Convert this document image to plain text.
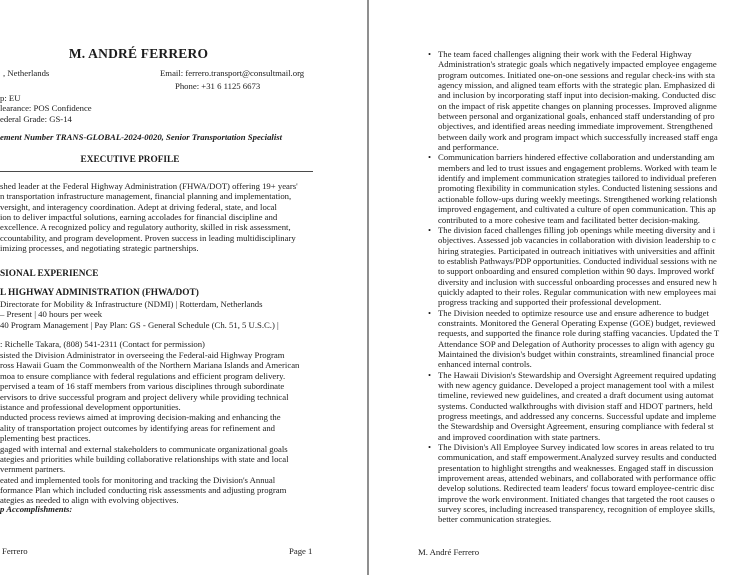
M. ANDRÉ FERRERO
, Netherlands	Email: ferrero.transport@consultmail.org
Phone: +31 6 1125 6673
p: EU
learance: POS Confidence
ederal Grade: GS-14
ement Number TRANS-GLOBAL-2024-0020, Senior Transportation Specialist
EXECUTIVE PROFILE
shed leader at the Federal Highway Administration (FHWA/DOT) offering 19+ years'
n transportation infrastructure management, financial planning and implementation,
versight, and interagency coordination. Adept at driving federal, state, and local
ion to deliver impactful solutions, earning accolades for financial discipline and
excellence. A recognized policy and regulatory authority, skilled in risk assessment,
ccountability, and program development. Proven success in leading multidisciplinary
imizing processes, and negotiating strategic partnerships.
SIONAL EXPERIENCE
L HIGHWAY ADMINISTRATION (FHWA/DOT)
Directorate for Mobility & Infrastructure (NDMI) | Rotterdam, Netherlands
– Present | 40 hours per week
40 Program Management | Pay Plan: GS - General Schedule (Ch. 51, 5 U.S.C.) |
: Richelle Takara, (808) 541-2311 (Contact for permission)
sisted the Division Administrator in overseeing the Federal-aid Highway Program
ross Hawaii Guam the Commonwealth of the Northern Mariana Islands and American
moa to ensure compliance with federal regulations and efficient program delivery.
pervised a team of 16 staff members from various disciplines through subordinate
ervisors to drive successful program and project delivery while providing technical
istance and professional development opportunities.
nducted process reviews aimed at improving decision-making and enhancing the
ality of transportation project outcomes by identifying areas for refinement and
plementing best practices.
gaged with internal and external stakeholders to communicate organizational goals
ategies and priorities while building collaborative relationships with state and local
vernment partners.
eated and implemented tools for monitoring and tracking the Division's Annual
formance Plan which included conducting risk assessments and adjusting program
ategies as needed to align with evolving objectives.
p Accomplishments:
Ferrero	Page 1
• The team faced challenges aligning their work with the Federal Highway
Administration's strategic goals which negatively impacted employee engageme
program outcomes. Initiated one-on-one sessions and regular check-ins with sta
agency mission, and aligned team efforts with the strategic plan. Emphasized di
and inclusion by incorporating staff input into decision-making. Conducted disc
on the impact of risk appetite changes on planning processes. Improved alignme
between personal and organizational goals, enhanced staff understanding of pro
objectives, and identified areas needing immediate improvement. Strengthened
between daily work and program impact which successfully increased staff enga
and performance.
• Communication barriers hindered effective collaboration and understanding am
members and led to trust issues and engagement problems. Worked with team le
identify and implement communication strategies tailored to individual preferen
promoting flexibility in communication styles. Conducted listening sessions and
actionable follow-ups during weekly meetings. Strengthened working relationsh
improved engagement, and cultivated a culture of open communication. This ap
contributed to a more cohesive team and facilitated better decision-making.
• The division faced challenges filling job openings while meeting diversity and i
objectives. Assessed job vacancies in collaboration with division leadership to c
hiring strategies. Participated in outreach initiatives with universities and affinit
to establish Pathways/PDP opportunities. Conducted individual sessions with ne
to support onboarding and ensured completion within 90 days. Improved workf
diversity and inclusion with successful onboarding processes and ensured new h
quickly adapted to their roles. Regular communication with new employees mai
progress tracking and supported their professional development.
• The Division needed to optimize resource use and ensure adherence to budget
constraints. Monitored the General Operating Expense (GOE) budget, reviewed
requests, and supported the finance role during staffing vacancies. Updated the T
Attendance SOP and Delegation of Authority processes to align with agency gu
Maintained the division's budget within constraints, streamlined financial proce
enhanced internal controls.
• The Hawaii Division's Stewardship and Oversight Agreement required updating
with new agency guidance. Developed a project management tool with a milest
timeline, reviewed new guidelines, and created a draft document using automat
systems. Conducted walkthroughs with division staff and HDOT partners, held
progress meetings, and addressed any concerns. Successful update and impleme
the Stewardship and Oversight Agreement, ensuring compliance with federal st
and improved coordination with state partners.
• The Division's All Employee Survey indicated low scores in areas related to tru
communication, and staff empowerment.Analyzed survey results and conducted
presentation to highlight strengths and weaknesses. Engaged staff in discussion
improvement areas, attended webinars, and collaborated with performance offic
develop solutions. Redirected team leaders' focus toward employee-centric disc
improve the work environment. Initiated changes that targeted the root causes o
survey scores, including increased transparency, recognition of employee skills,
better communication strategies.
M. André Ferrero
